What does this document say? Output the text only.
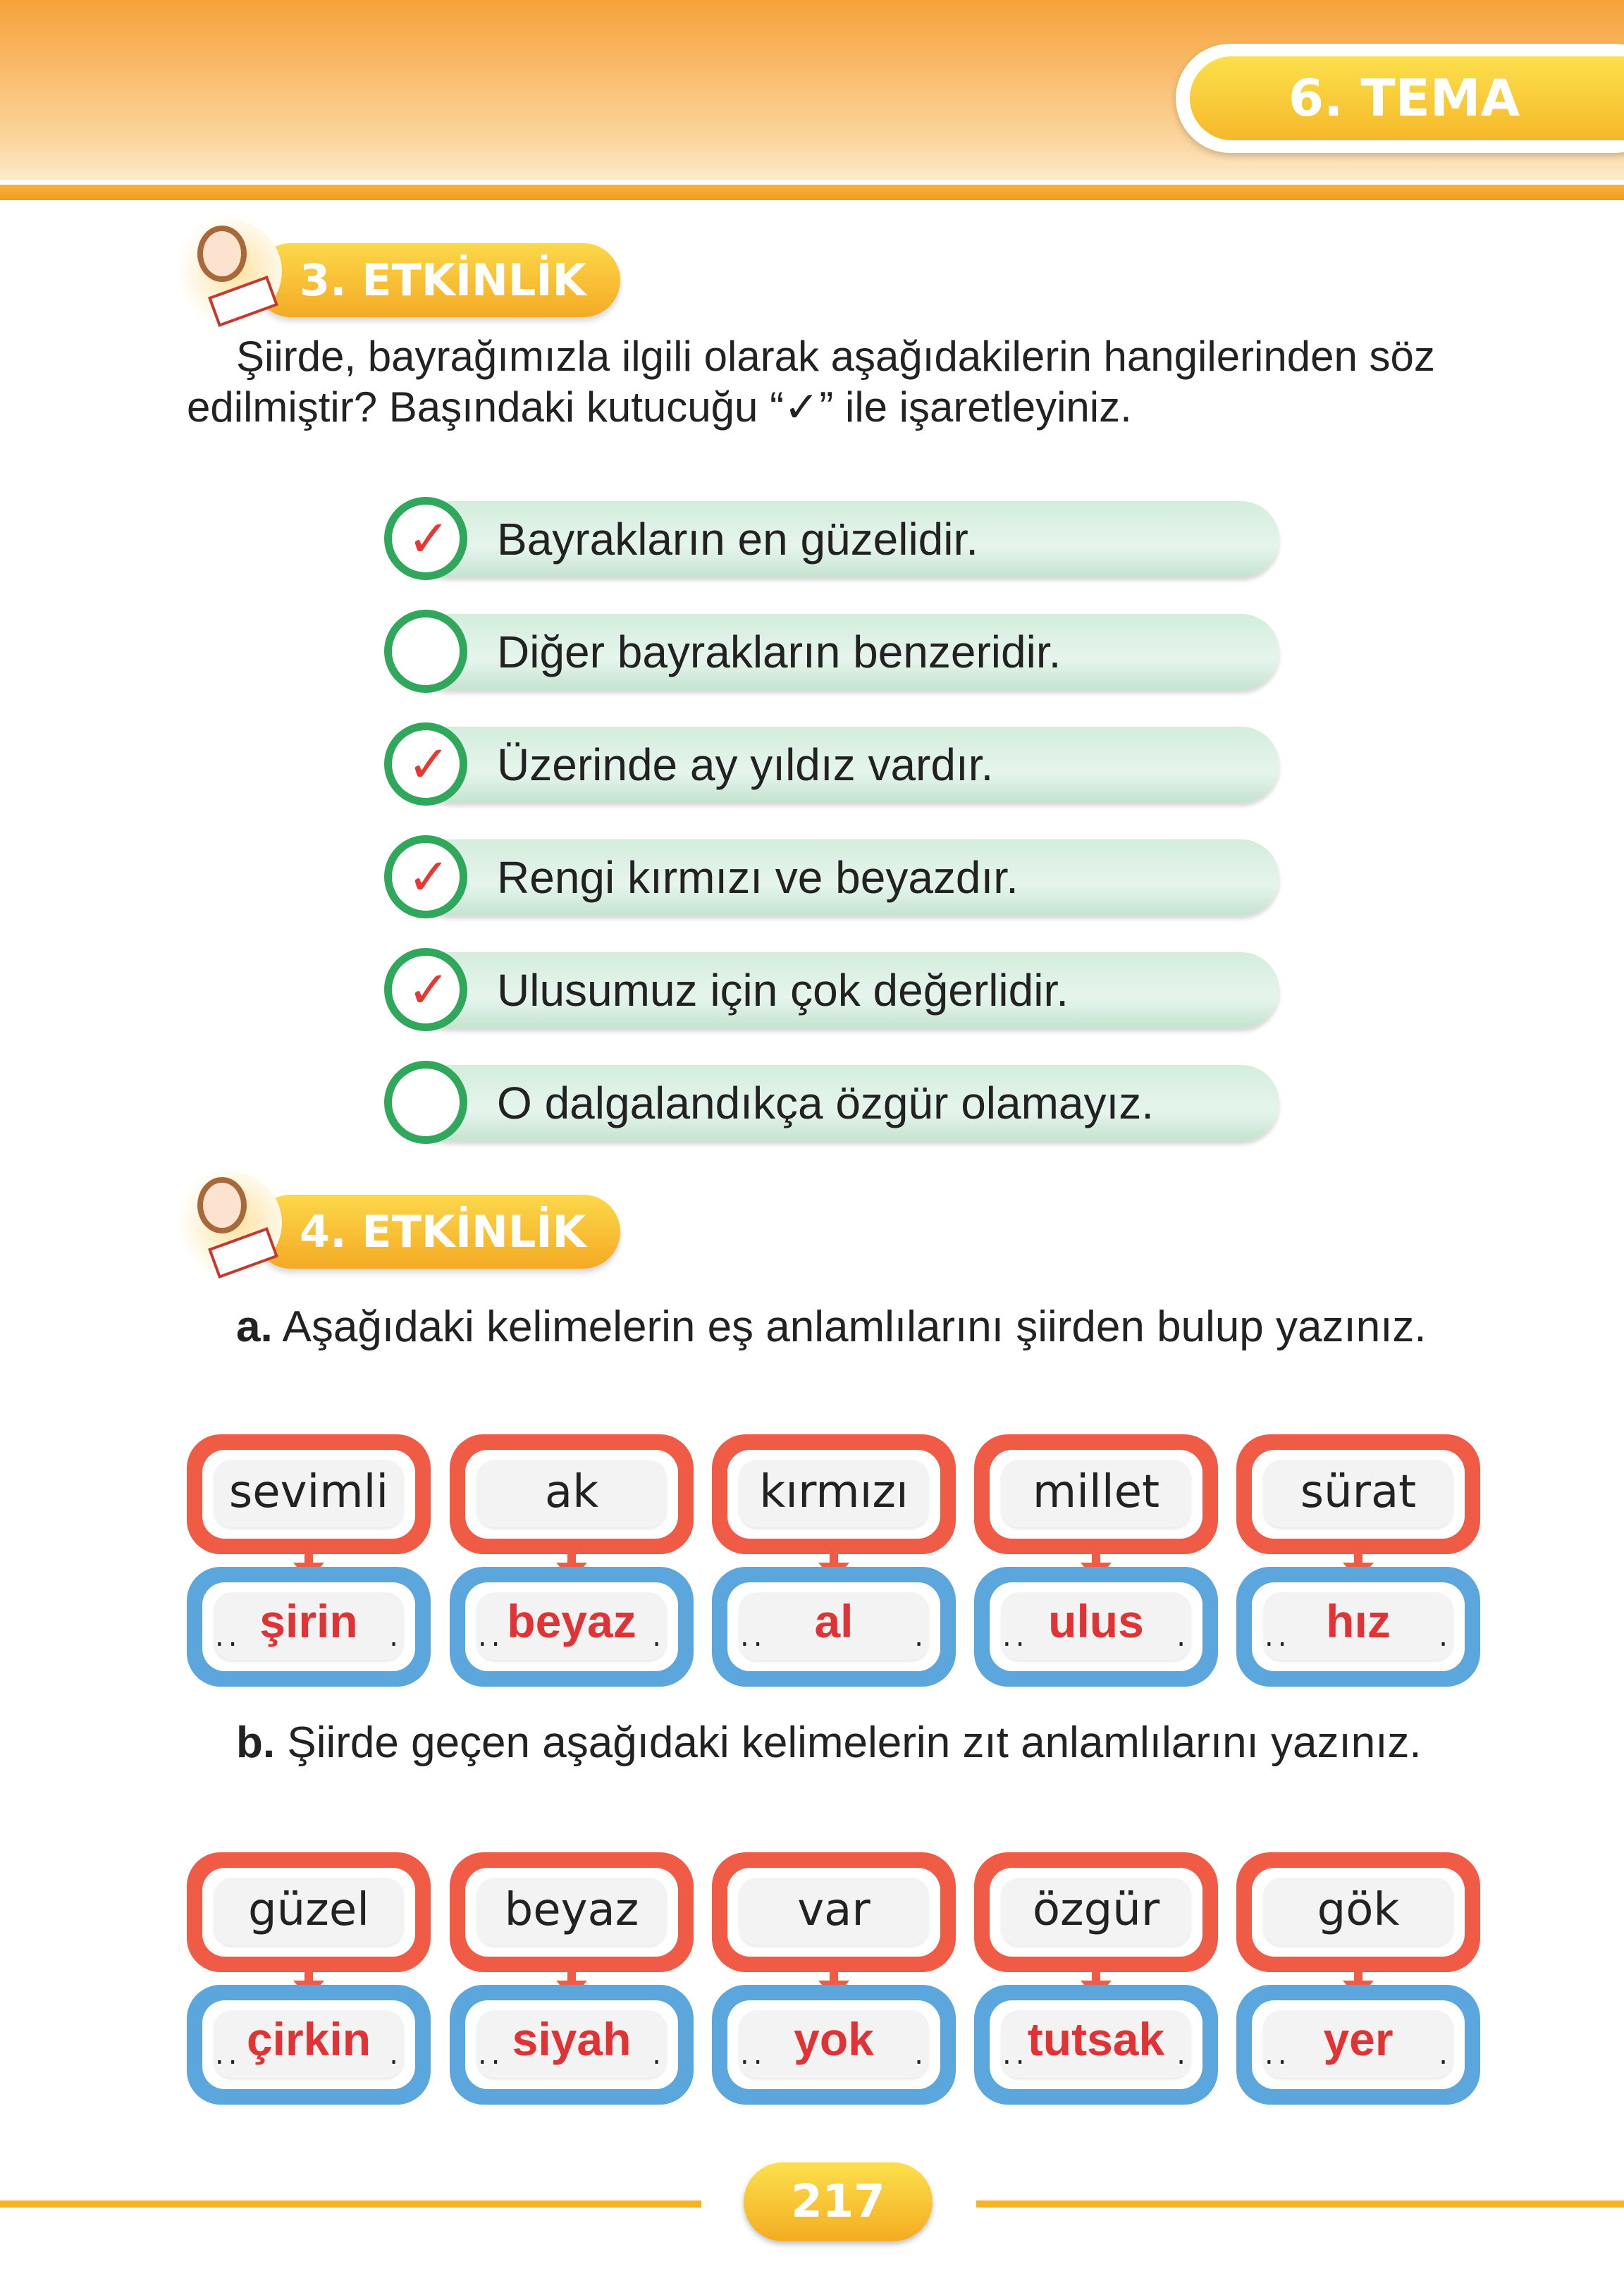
6. TEMA
3. ETKİNLİK
Şiirde, bayrağımızla ilgili olarak aşağıdakilerin hangilerinden söz edilmiştir? Başındaki kutucuğu “✓” ile işaretleyiniz.
✓ Bayrakların en güzelidir.
Diğer bayrakların benzeridir.
✓ Üzerinde ay yıldız vardır.
✓ Rengi kırmızı ve beyazdır.
✓ Ulusumuz için çok değerlidir.
O dalgalandıkça özgür olamayız.
4. ETKİNLİK
a. Aşağıdaki kelimelerin eş anlamlılarını şiirden bulup yazınız.
b. Şiirde geçen aşağıdaki kelimelerin zıt anlamlılarını yazınız.
sevimli
..	.
şirin
ak
..	.
beyaz
kırmızı
..	.
al
millet
..	.
ulus
sürat
..	.
hız
güzel
..	.
çirkin
beyaz
..	.
siyah
var
..	.
yok
özgür
..	.
tutsak
gök
..	.
yer
217
